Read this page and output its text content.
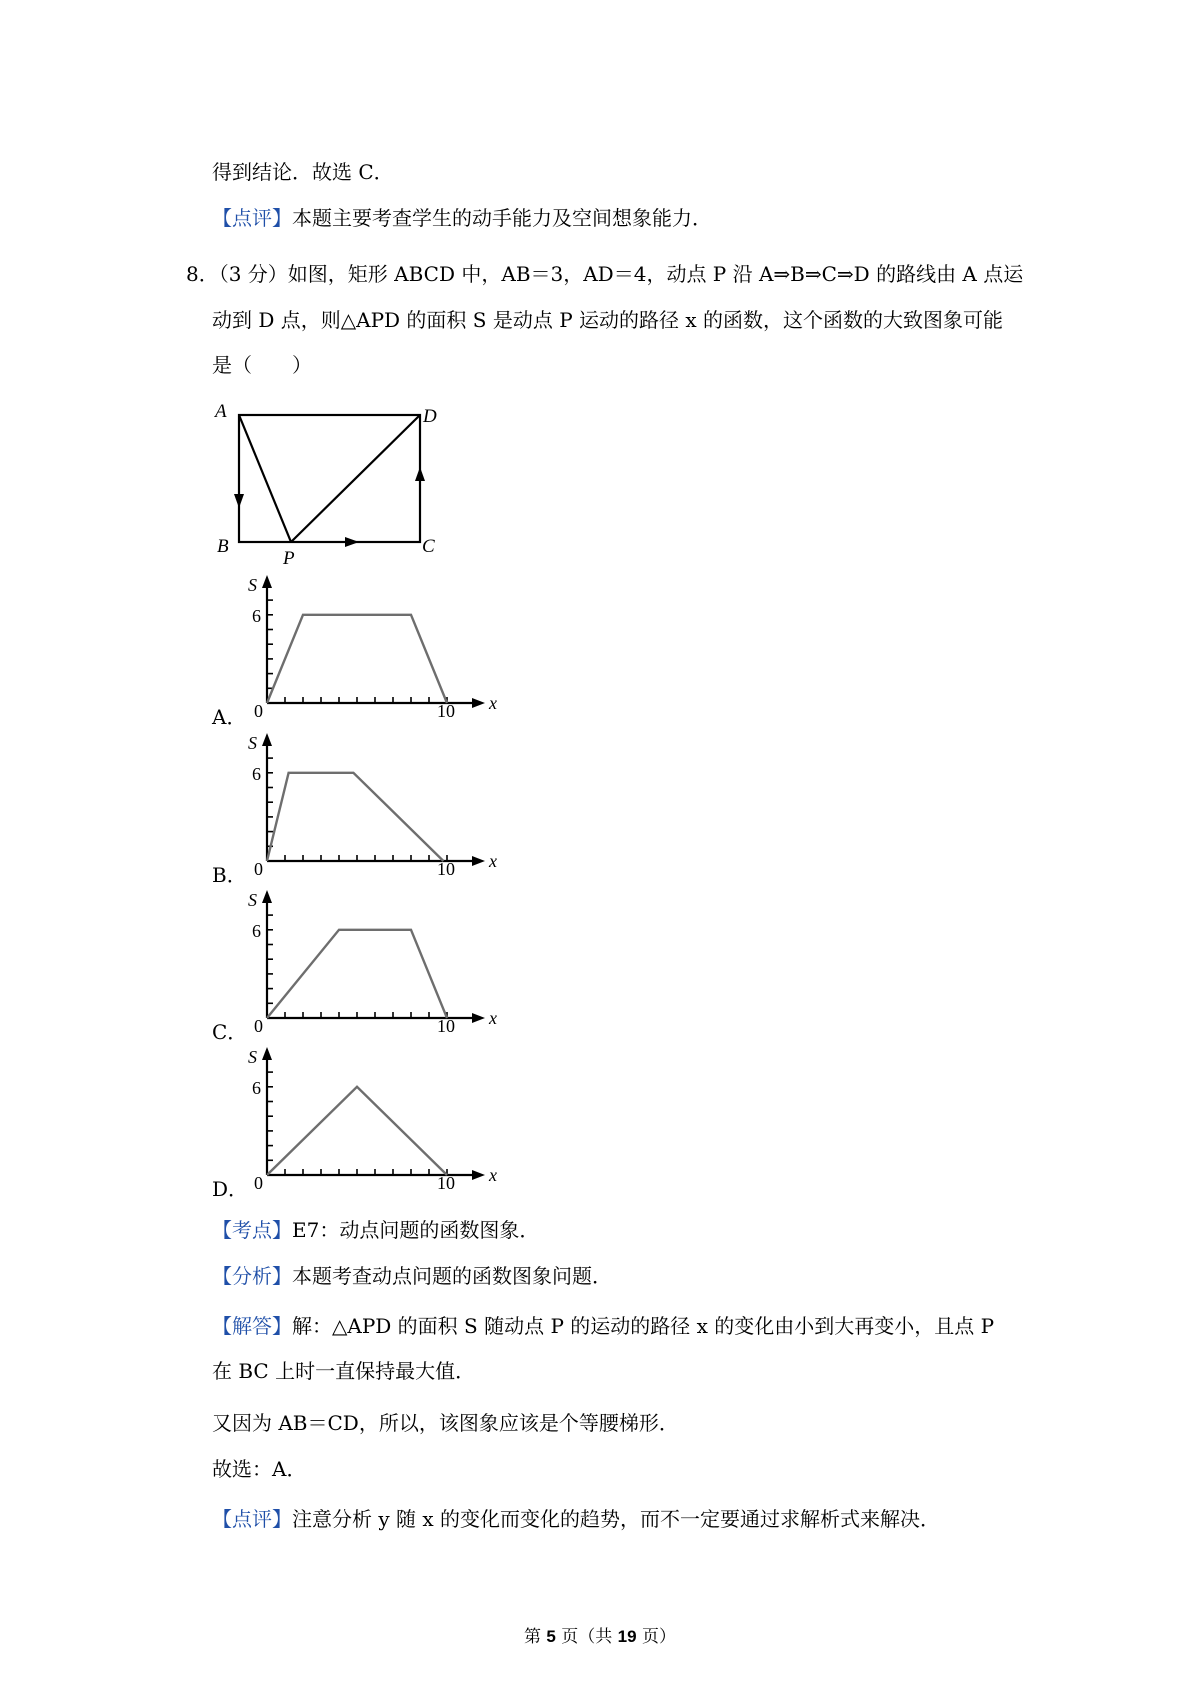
得到结论．故选 C．
【点评】本题主要考查学生的动手能力及空间想象能力．
8．（3 分）如图，矩形 ABCD 中，AB＝3，AD＝4，动点 P 沿 A⇒B⇒C⇒D 的路线由 A 点运
动到 D 点，则△APD 的面积 S 是动点 P 运动的路径 x 的函数，这个函数的大致图象可能
是（　　）
A	D
B
P
C
A．
B．
C．
D．
S
x
0
6
10
S
x
0
6
10
S
x
0
6
10
S
x
0
6
10
【考点】E7：动点问题的函数图象．
【分析】本题考查动点问题的函数图象问题．
【解答】解：△APD 的面积 S 随动点 P 的运动的路径 x 的变化由小到大再变小，且点 P
在 BC 上时一直保持最大值．
又因为 AB＝CD，所以，该图象应该是个等腰梯形．
故选：A．
【点评】注意分析 y 随 x 的变化而变化的趋势，而不一定要通过求解析式来解决．
第 5 页（共 19 页）
